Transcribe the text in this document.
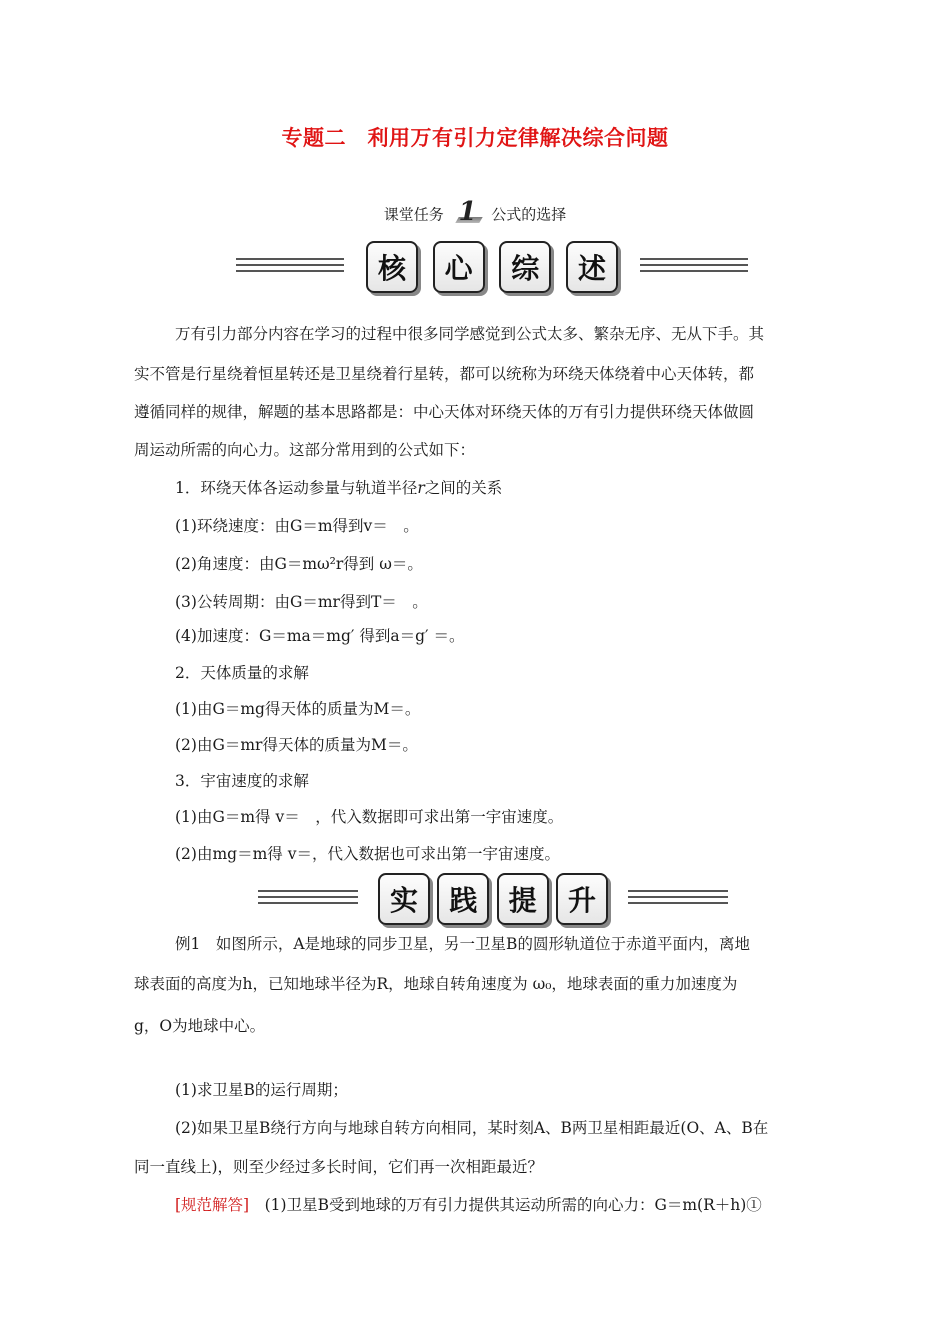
专题二　利用万有引力定律解决综合问题
课堂任务 1 公式的选择
核	心	综	述

万有引力部分内容在学习的过程中很多同学感觉到公式太多、繁杂无序、无从下手。其

实不管是行星绕着恒星转还是卫星绕着行星转，都可以统称为环绕天体绕着中心天体转，都

遵循同样的规律，解题的基本思路都是：中心天体对环绕天体的万有引力提供环绕天体做圆

周运动所需的向心力。这部分常用到的公式如下：

1．环绕天体各运动参量与轨道半径r之间的关系

(1)环绕速度：由G＝m得到v＝　。

(2)角速度：由G＝mω²r得到 ω＝。

(3)公转周期：由G＝mr得到T＝　。

(4)加速度：G＝ma＝mg′ 得到a＝g′ ＝。

2．天体质量的求解

(1)由G＝mg得天体的质量为M＝。

(2)由G＝mr得天体的质量为M＝。

3．宇宙速度的求解

(1)由G＝m得 v＝　，代入数据即可求出第一宇宙速度。

(2)由mg＝m得 v＝，代入数据也可求出第一宇宙速度。

实	践	提	升

例1　如图所示，A是地球的同步卫星，另一卫星B的圆形轨道位于赤道平面内，离地

球表面的高度为h，已知地球半径为R，地球自转角速度为 ω₀，地球表面的重力加速度为

g，O为地球中心。

(1)求卫星B的运行周期；

(2)如果卫星B绕行方向与地球自转方向相同，某时刻A、B两卫星相距最近(O、A、B在

同一直线上)，则至少经过多长时间，它们再一次相距最近？

[规范解答]　(1)卫星B受到地球的万有引力提供其运动所需的向心力：G＝m(R＋h)①
